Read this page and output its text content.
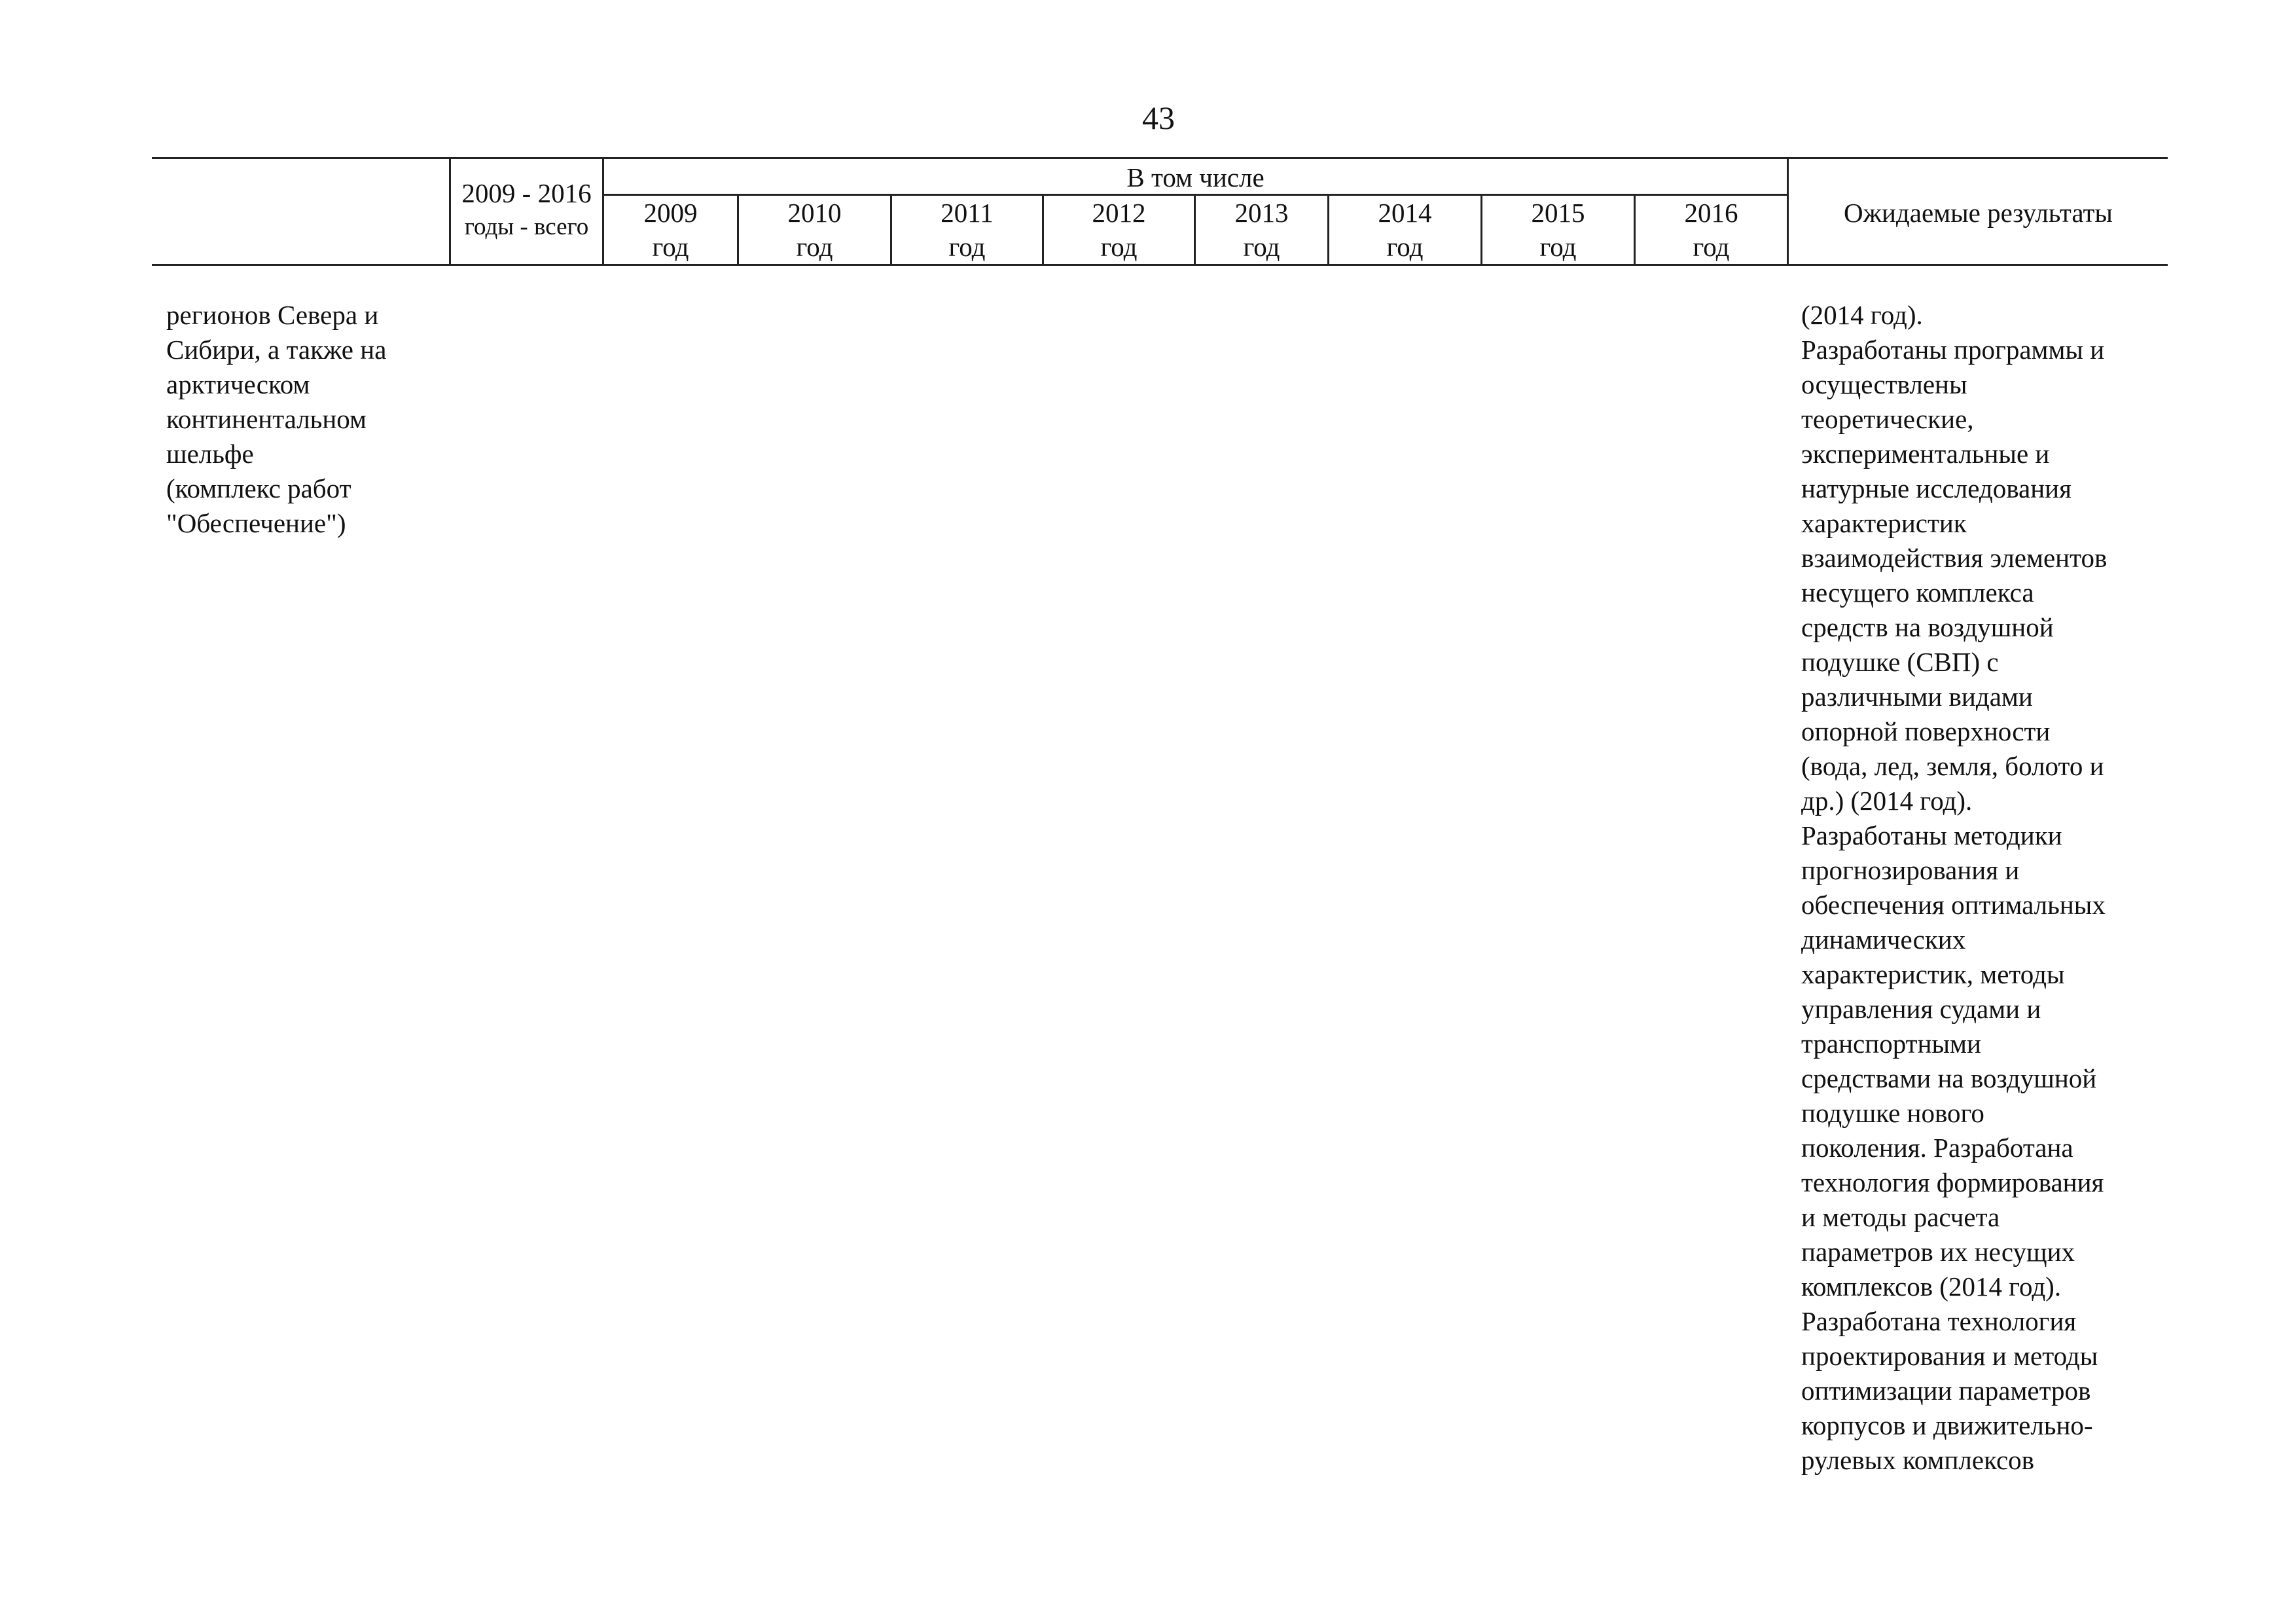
43
2009 - 2016
годы - всего
В том числе
2009
год
2010
год
2011
год
2012
год
2013
год
2014
год
2015
год
2016
год
Ожидаемые результаты
регионов Севера и
Сибири, а также на
арктическом
континентальном
шельфе
(комплекс работ
"Обеспечение")
(2014 год).
Разработаны программы и
осуществлены
теоретические,
экспериментальные и
натурные исследования
характеристик
взаимодействия элементов
несущего комплекса
средств на воздушной
подушке (СВП) с
различными видами
опорной поверхности
(вода, лед, земля, болото и
др.) (2014 год).
Разработаны методики
прогнозирования и
обеспечения оптимальных
динамических
характеристик, методы
управления судами и
транспортными
средствами на воздушной
подушке нового
поколения. Разработана
технология формирования
и методы расчета
параметров их несущих
комплексов (2014 год).
Разработана технология
проектирования и методы
оптимизации параметров
корпусов и движительно-
рулевых комплексов
